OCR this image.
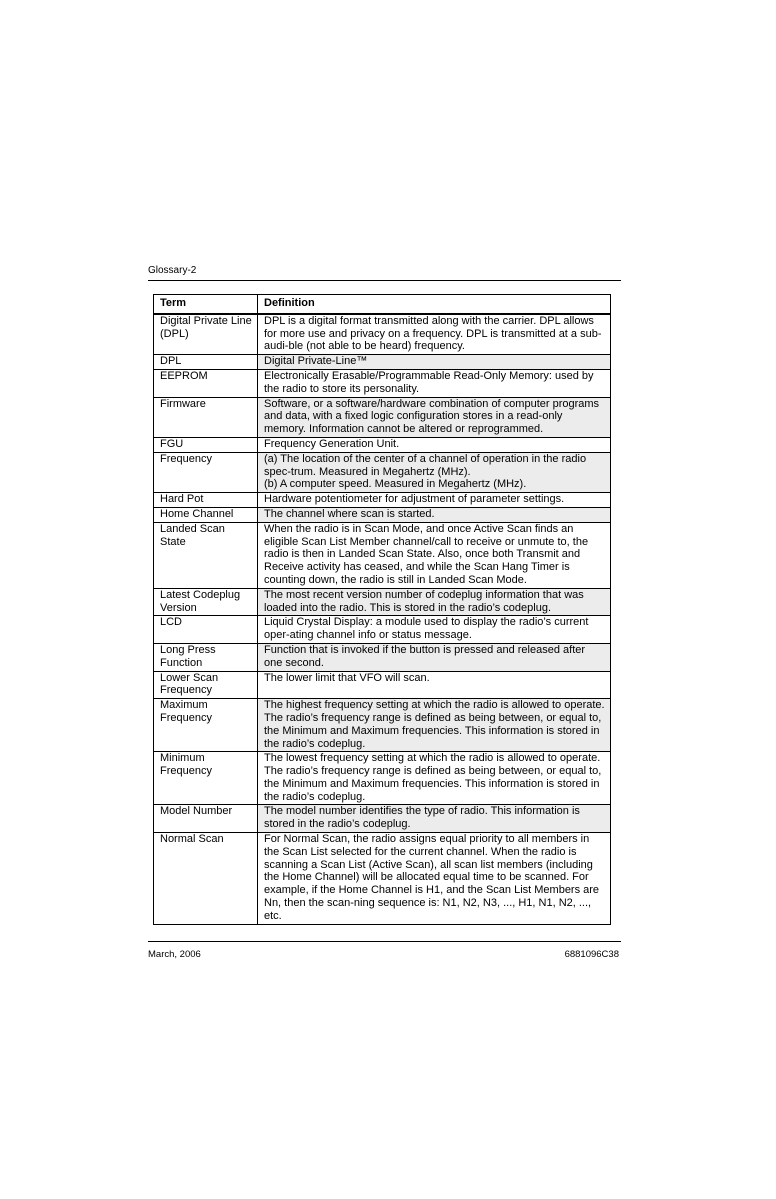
Glossary-2
Term	Definition
Digital Private Line (DPL)	DPL is a digital format transmitted along with the carrier. DPL allows for more use and privacy on a frequency. DPL is transmitted at a sub-audi-ble (not able to be heard) frequency.
DPL	Digital Private-Line™
EEPROM	Electronically Erasable/Programmable Read-Only Memory: used by the radio to store its personality.
Firmware	Software, or a software/hardware combination of computer programs and data, with a fixed logic configuration stores in a read-only memory. Information cannot be altered or reprogrammed.
FGU	Frequency Generation Unit.
Frequency	(a) The location of the center of a channel of operation in the radio spec-trum. Measured in Megahertz (MHz).
(b) A computer speed. Measured in Megahertz (MHz).
Hard Pot	Hardware potentiometer for adjustment of parameter settings.
Home Channel	The channel where scan is started.
Landed Scan State	When the radio is in Scan Mode, and once Active Scan finds an eligible Scan List Member channel/call to receive or unmute to, the radio is then in Landed Scan State. Also, once both Transmit and Receive activity has ceased, and while the Scan Hang Timer is counting down, the radio is still in Landed Scan Mode.
Latest Codeplug Version	The most recent version number of codeplug information that was loaded into the radio. This is stored in the radio’s codeplug.
LCD	Liquid Crystal Display: a module used to display the radio’s current oper-ating channel info or status message.
Long Press Function	Function that is invoked if the button is pressed and released after one second.
Lower Scan Frequency	The lower limit that VFO will scan.
Maximum Frequency	The highest frequency setting at which the radio is allowed to operate. The radio’s frequency range is defined as being between, or equal to, the Minimum and Maximum frequencies. This information is stored in the radio’s codeplug.
Minimum Frequency	The lowest frequency setting at which the radio is allowed to operate. The radio’s frequency range is defined as being between, or equal to, the Minimum and Maximum frequencies. This information is stored in the radio’s codeplug.
Model Number	The model number identifies the type of radio. This information is stored in the radio’s codeplug.
Normal Scan	For Normal Scan, the radio assigns equal priority to all members in the Scan List selected for the current channel. When the radio is scanning a Scan List (Active Scan), all scan list members (including the Home Channel) will be allocated equal time to be scanned. For example, if the Home Channel is H1, and the Scan List Members are Nn, then the scan-ning sequence is: N1, N2, N3, ..., H1, N1, N2, ..., etc.
March, 2006	6881096C38
